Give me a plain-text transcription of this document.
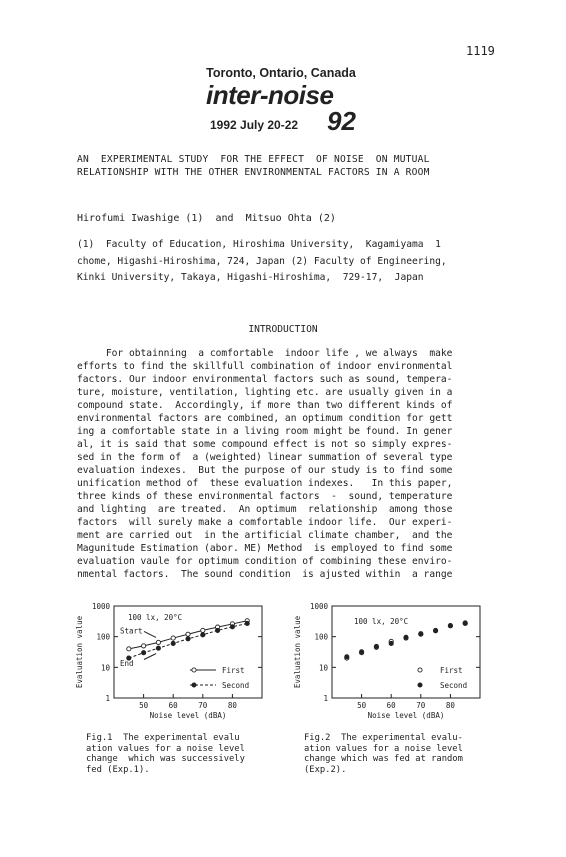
1119
Toronto, Ontario, Canada
inter-noise
1992 July 20-22 92
AN  EXPERIMENTAL STUDY  FOR THE EFFECT  OF NOISE  ON MUTUAL
RELATIONSHIP WITH THE OTHER ENVIRONMENTAL FACTORS IN A ROOM
Hirofumi Iwashige (1)  and  Mitsuo Ohta (2)
(1)  Faculty of Education, Hiroshima University,  Kagamiyama  1
chome, Higashi-Hiroshima, 724, Japan (2) Faculty of Engineering,
Kinki University, Takaya, Higashi-Hiroshima,  729-17,  Japan
INTRODUCTION
For obtainning  a comfortable  indoor life , we always  make
efforts to find the skillfull combination of indoor environmental
factors. Our indoor environmental factors such as sound, tempera-
ture, moisture, ventilation, lighting etc. are usually given in a
compound state.  Accordingly, if more than two different kinds of
environmental factors are combined, an optimum condition for gett
ing a comfortable state in a living room might be found. In gener
al, it is said that some compound effect is not so simply expres-
sed in the form of  a (weighted) linear summation of several type
evaluation indexes.  But the purpose of our study is to find some
unification method of  these evaluation indexes.   In this paper,
three kinds of these environmental factors  -  sound, temperature
and lighting  are treated.  An optimum  relationship  among those
factors  will surely make a comfortable indoor life.  Our experi-
ment are carried out  in the artificial climate chamber,  and the
Magunitude Estimation (abor. ME) Method  is employed to find some
evaluation vaule for optimum condition of combining these enviro-
nmental factors.  The sound condition  is ajusted within  a range
1
10
100
1000
50	60	70	80
Noise level (dBA)
Evaluation value	100 lx, 20°C
First
Second
Start
End
Fig.1  The experimental evalu
ation values for a noise level
change  which was successively
fed (Exp.1).
1
10
100
1000
50	60	70	80
Noise level (dBA)
Evaluation value	100 lx, 20°C
First
Second
Fig.2  The experimental evalu-
ation values for a noise level
change which was fed at random
(Exp.2).
